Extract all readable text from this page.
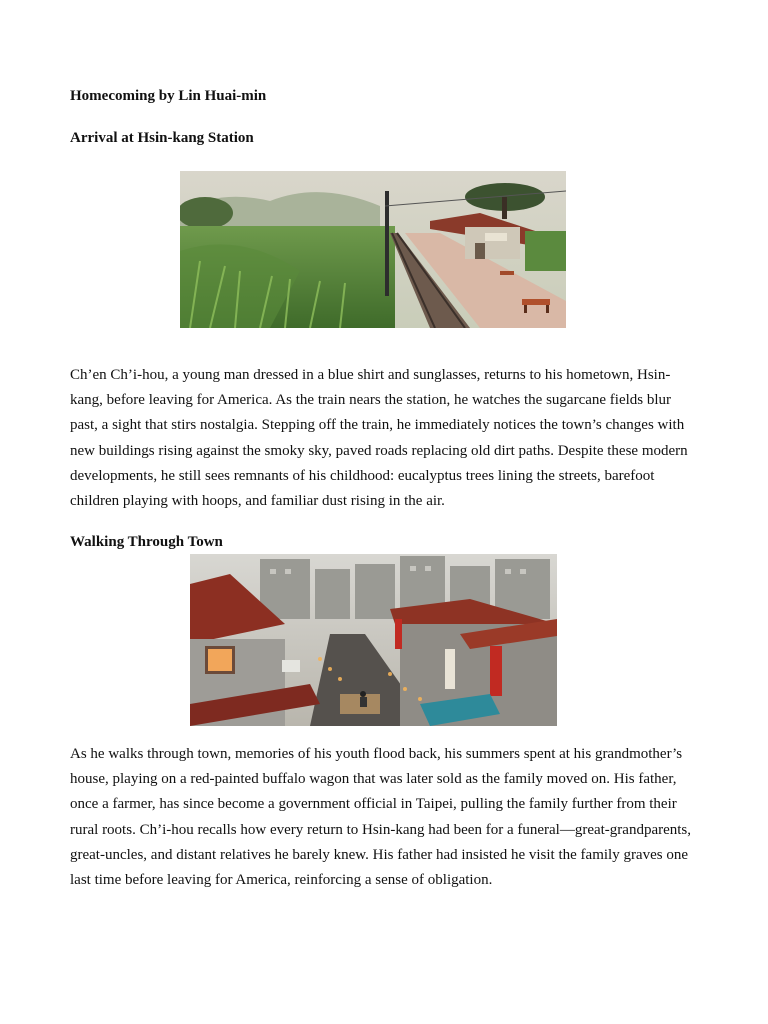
Homecoming by Lin Huai-min
Arrival at Hsin-kang Station

Ch’en Ch’i-hou, a young man dressed in a blue shirt and sunglasses, returns to his hometown, Hsin-kang, before leaving for America. As the train nears the station, he watches the sugarcane fields blur past, a sight that stirs nostalgia. Stepping off the train, he immediately notices the town’s changes with new buildings rising against the smoky sky, paved roads replacing old dirt paths. Despite these modern developments, he still sees remnants of his childhood: eucalyptus trees lining the streets, barefoot children playing with hoops, and familiar dust rising in the air.

Walking Through Town

As he walks through town, memories of his youth flood back, his summers spent at his grandmother’s house, playing on a red-painted buffalo wagon that was later sold as the family moved on. His father, once a farmer, has since become a government official in Taipei, pulling the family further from their rural roots. Ch’i-hou recalls how every return to Hsin-kang had been for a funeral—great-grandparents, great-uncles, and distant relatives he barely knew. His father had insisted he visit the family graves one last time before leaving for America, reinforcing a sense of obligation.
